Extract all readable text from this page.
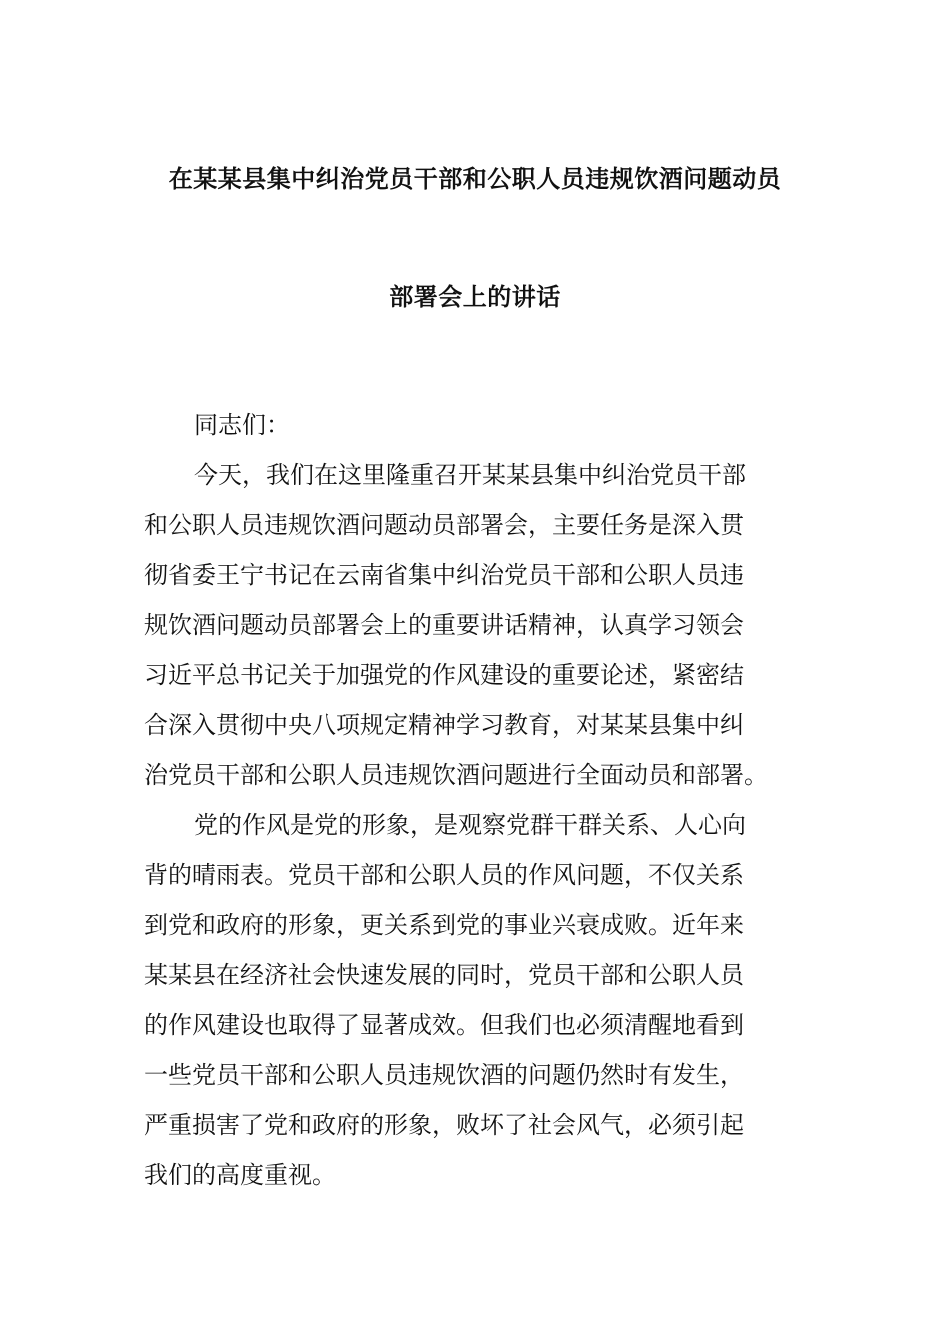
在某某县集中纠治党员干部和公职人员违规饮酒问题动员
部署会上的讲话
同志们：
今天，我们在这里隆重召开某某县集中纠治党员干部
和公职人员违规饮酒问题动员部署会，主要任务是深入贯
彻省委王宁书记在云南省集中纠治党员干部和公职人员违
规饮酒问题动员部署会上的重要讲话精神，认真学习领会
习近平总书记关于加强党的作风建设的重要论述，紧密结
合深入贯彻中央八项规定精神学习教育，对某某县集中纠
治党员干部和公职人员违规饮酒问题进行全面动员和部署。
党的作风是党的形象，是观察党群干群关系、人心向
背的晴雨表。党员干部和公职人员的作风问题，不仅关系
到党和政府的形象，更关系到党的事业兴衰成败。近年来
某某县在经济社会快速发展的同时，党员干部和公职人员
的作风建设也取得了显著成效。但我们也必须清醒地看到
一些党员干部和公职人员违规饮酒的问题仍然时有发生，
严重损害了党和政府的形象，败坏了社会风气，必须引起
我们的高度重视。
